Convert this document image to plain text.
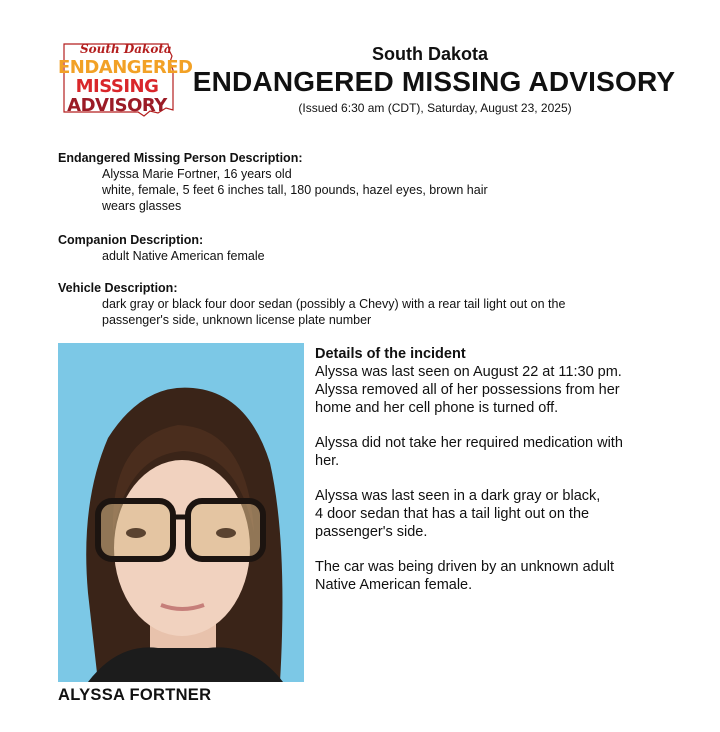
South Dakota
ENDANGERED
MISSING
ADVISORY
South Dakota
ENDANGERED MISSING ADVISORY
(Issued 6:30 am (CDT), Saturday, August 23, 2025)
Endangered Missing Person Description:
Alyssa Marie Fortner, 16 years old
white, female, 5 feet 6 inches tall, 180 pounds, hazel eyes, brown hair
wears glasses
Companion Description:
adult Native American female
Vehicle Description:
dark gray or black four door sedan (possibly a Chevy) with a rear tail light out on the
passenger's side, unknown license plate number
ALYSSA FORTNER
Details of the incident

Alyssa was last seen on August 22 at 11:30 pm.
Alyssa removed all of her possessions from her
home and her cell phone is turned off.

Alyssa did not take her required medication with
her.

Alyssa was last seen in a dark gray or black,
4 door sedan that has a tail light out on the
passenger's side.

The car was being driven by an unknown adult
Native American female.
